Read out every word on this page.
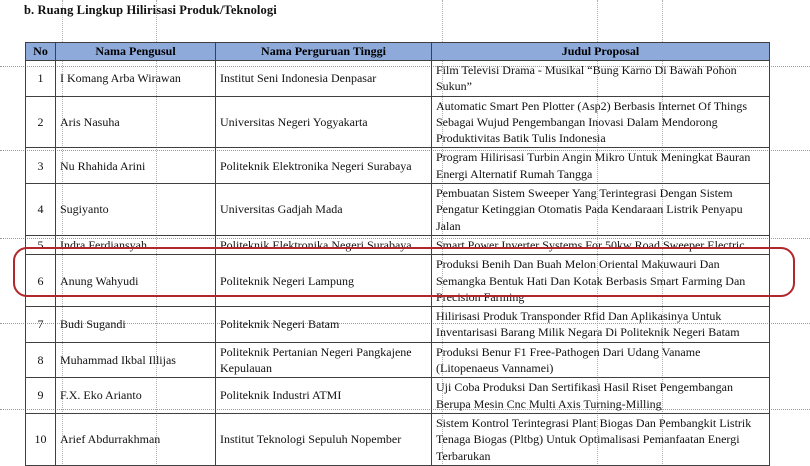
b. Ruang Lingkup Hilirisasi Produk/Teknologi
No	Nama Pengusul	Nama Perguruan Tinggi	Judul Proposal
1	I Komang Arba Wirawan	Institut Seni Indonesia Denpasar	Film Televisi Drama - Musikal “Bung Karno Di Bawah Pohon Sukun”
2	Aris Nasuha	Universitas Negeri Yogyakarta	Automatic Smart Pen Plotter (Asp2) Berbasis Internet Of Things Sebagai Wujud Pengembangan Inovasi Dalam Mendorong Produktivitas Batik Tulis Indonesia
3	Nu Rhahida Arini	Politeknik Elektronika Negeri Surabaya	Program Hilirisasi Turbin Angin Mikro Untuk Meningkat Bauran Energi Alternatif Rumah Tangga
4	Sugiyanto	Universitas Gadjah Mada	Pembuatan Sistem Sweeper Yang Terintegrasi Dengan Sistem Pengatur Ketinggian Otomatis Pada Kendaraan Listrik Penyapu Jalan
5	Indra Ferdiansyah	Politeknik Elektronika Negeri Surabaya	Smart Power Inverter Systems For 50kw Road Sweeper Electric
6	Anung Wahyudi	Politeknik Negeri Lampung	Produksi Benih Dan Buah Melon Oriental Makuwauri Dan Semangka Bentuk Hati Dan Kotak Berbasis Smart Farming Dan Precision Farming
7	Budi Sugandi	Politeknik Negeri Batam	Hilirisasi Produk Transponder Rfid Dan Aplikasinya Untuk Inventarisasi Barang Milik Negara Di Politeknik Negeri Batam
8	Muhammad Ikbal Illijas	Politeknik Pertanian Negeri Pangkajene Kepulauan	Produksi Benur F1 Free-Pathogen Dari Udang Vaname (Litopenaeus Vannamei)
9	F.X. Eko Arianto	Politeknik Industri ATMI	Uji Coba Produksi Dan Sertifikasi Hasil Riset Pengembangan Berupa Mesin Cnc Multi Axis Turning-Milling
10	Arief Abdurrakhman	Institut Teknologi Sepuluh Nopember	Sistem Kontrol Terintegrasi Plant Biogas Dan Pembangkit Listrik Tenaga Biogas (Pltbg) Untuk Optimalisasi Pemanfaatan Energi Terbarukan
